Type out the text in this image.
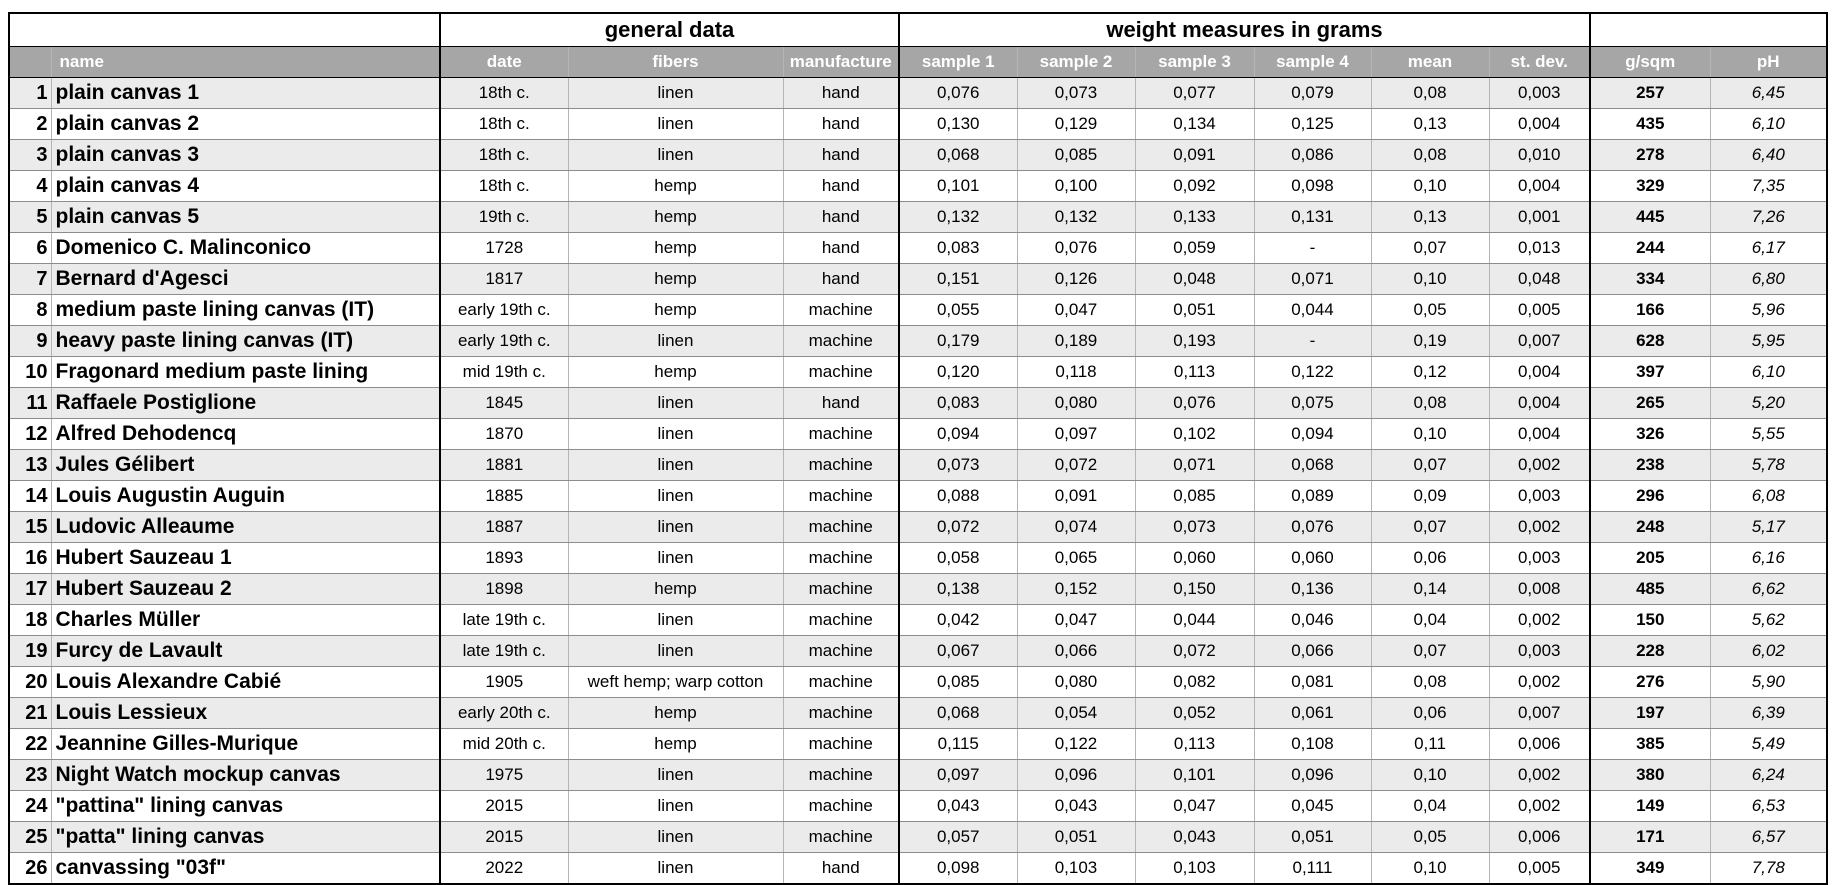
		general data			weight measures in grams							
	name	date	fibers	manufacture	sample 1	sample 2	sample 3	sample 4	mean	st. dev.	g/sqm	pH
1	plain canvas 1	18th c.	linen	hand	0,076	0,073	0,077	0,079	0,08	0,003	257	6,45
2	plain canvas 2	18th c.	linen	hand	0,130	0,129	0,134	0,125	0,13	0,004	435	6,10
3	plain canvas 3	18th c.	linen	hand	0,068	0,085	0,091	0,086	0,08	0,010	278	6,40
4	plain canvas 4	18th c.	hemp	hand	0,101	0,100	0,092	0,098	0,10	0,004	329	7,35
5	plain canvas 5	19th c.	hemp	hand	0,132	0,132	0,133	0,131	0,13	0,001	445	7,26
6	Domenico C. Malinconico	1728	hemp	hand	0,083	0,076	0,059	-	0,07	0,013	244	6,17
7	Bernard d'Agesci	1817	hemp	hand	0,151	0,126	0,048	0,071	0,10	0,048	334	6,80
8	medium paste lining canvas (IT)	early 19th c.	hemp	machine	0,055	0,047	0,051	0,044	0,05	0,005	166	5,96
9	heavy paste lining canvas (IT)	early 19th c.	linen	machine	0,179	0,189	0,193	-	0,19	0,007	628	5,95
10	Fragonard medium paste lining	mid 19th c.	hemp	machine	0,120	0,118	0,113	0,122	0,12	0,004	397	6,10
11	Raffaele Postiglione	1845	linen	hand	0,083	0,080	0,076	0,075	0,08	0,004	265	5,20
12	Alfred Dehodencq	1870	linen	machine	0,094	0,097	0,102	0,094	0,10	0,004	326	5,55
13	Jules Gélibert	1881	linen	machine	0,073	0,072	0,071	0,068	0,07	0,002	238	5,78
14	Louis Augustin Auguin	1885	linen	machine	0,088	0,091	0,085	0,089	0,09	0,003	296	6,08
15	Ludovic Alleaume	1887	linen	machine	0,072	0,074	0,073	0,076	0,07	0,002	248	5,17
16	Hubert Sauzeau 1	1893	linen	machine	0,058	0,065	0,060	0,060	0,06	0,003	205	6,16
17	Hubert Sauzeau 2	1898	hemp	machine	0,138	0,152	0,150	0,136	0,14	0,008	485	6,62
18	Charles Müller	late 19th c.	linen	machine	0,042	0,047	0,044	0,046	0,04	0,002	150	5,62
19	Furcy de Lavault	late 19th c.	linen	machine	0,067	0,066	0,072	0,066	0,07	0,003	228	6,02
20	Louis Alexandre Cabié	1905	weft hemp; warp cotton	machine	0,085	0,080	0,082	0,081	0,08	0,002	276	5,90
21	Louis Lessieux	early 20th c.	hemp	machine	0,068	0,054	0,052	0,061	0,06	0,007	197	6,39
22	Jeannine Gilles-Murique	mid 20th c.	hemp	machine	0,115	0,122	0,113	0,108	0,11	0,006	385	5,49
23	Night Watch mockup canvas	1975	linen	machine	0,097	0,096	0,101	0,096	0,10	0,002	380	6,24
24	"pattina" lining canvas	2015	linen	machine	0,043	0,043	0,047	0,045	0,04	0,002	149	6,53
25	"patta" lining canvas	2015	linen	machine	0,057	0,051	0,043	0,051	0,05	0,006	171	6,57
26	canvassing "03f"	2022	linen	hand	0,098	0,103	0,103	0,111	0,10	0,005	349	7,78
